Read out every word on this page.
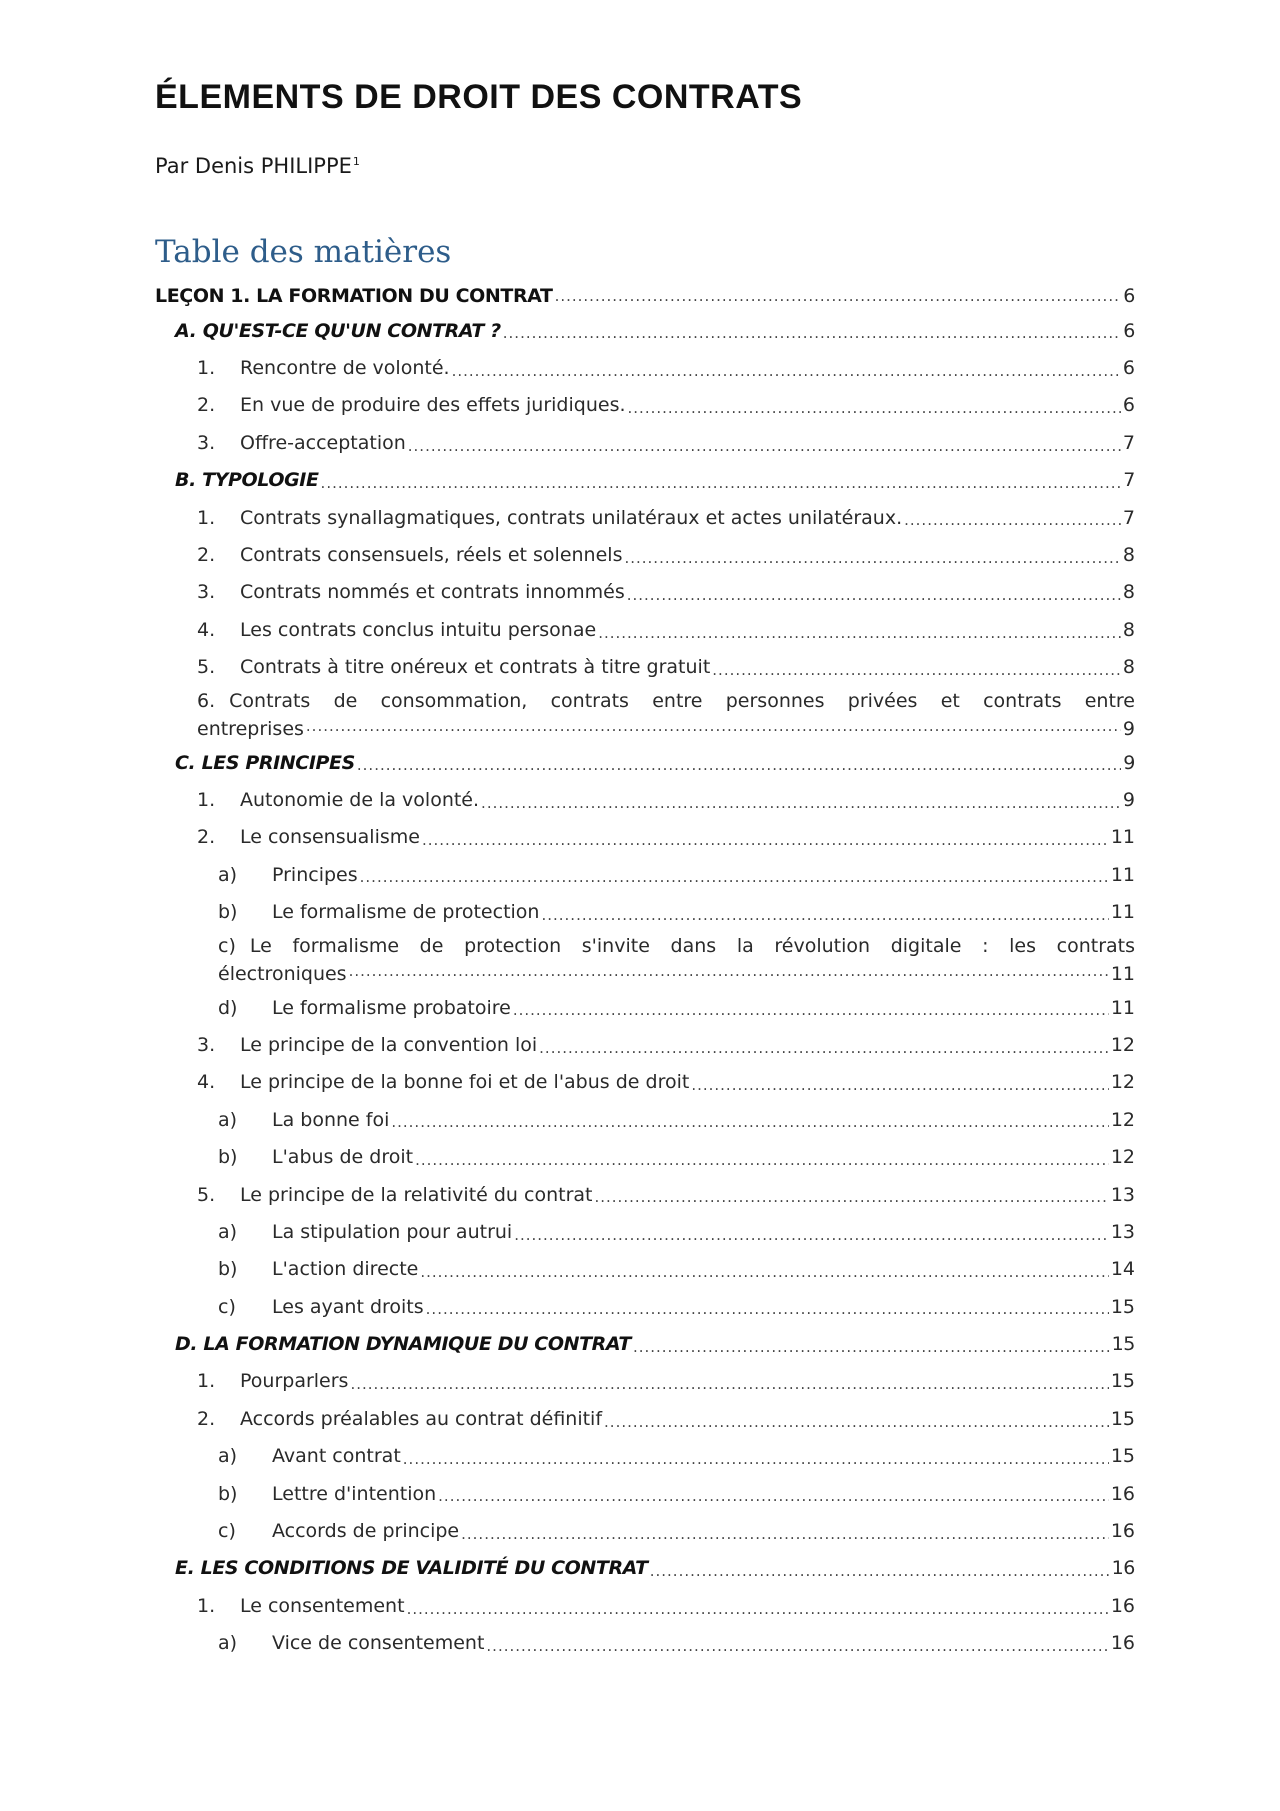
ÉLEMENTS DE DROIT DES CONTRATS
Par Denis PHILIPPE$^1$
Table des matières
LEÇON 1. LA FORMATION DU CONTRAT .....	6
A. QU'EST-CE QU'UN CONTRAT ? .....	6
1.	Rencontre de volonté. .....	6
2.	En vue de produire des effets juridiques. .....	6
3.	Offre-acceptation .....	7
B. TYPOLOGIE .....	7
1.	Contrats synallagmatiques, contrats unilatéraux et actes unilatéraux. .....	7
2.	Contrats consensuels, réels et solennels .....	8
3.	Contrats nommés et contrats innommés .....	8
4.	Les contrats conclus intuitu personae .....	8
5.	Contrats à titre onéreux et contrats à titre gratuit .....	8
6. Contrats de consommation, contrats entre personnes privées et contrats entre
entreprises .....	9
C. LES PRINCIPES .....	9
1.	Autonomie de la volonté. .....	9
2.	Le consensualisme .....	11
a)	Principes .....	11
b)	Le formalisme de protection .....	11
c) Le formalisme de protection s'invite dans la révolution digitale : les contrats
électroniques .....	11
d)	Le formalisme probatoire .....	11
3.	Le principe de la convention loi .....	12
4.	Le principe de la bonne foi et de l'abus de droit .....	12
a)	La bonne foi .....	12
b)	L'abus de droit .....	12
5.	Le principe de la relativité du contrat .....	13
a)	La stipulation pour autrui .....	13
b)	L'action directe .....	14
c)	Les ayant droits .....	15
D. LA FORMATION DYNAMIQUE DU CONTRAT .....	15
1.	Pourparlers .....	15
2.	Accords préalables au contrat définitif .....	15
a)	Avant contrat .....	15
b)	Lettre d'intention .....	16
c)	Accords de principe .....	16
E. LES CONDITIONS DE VALIDITÉ DU CONTRAT .....	16
1.	Le consentement .....	16
a)	Vice de consentement .....	16
